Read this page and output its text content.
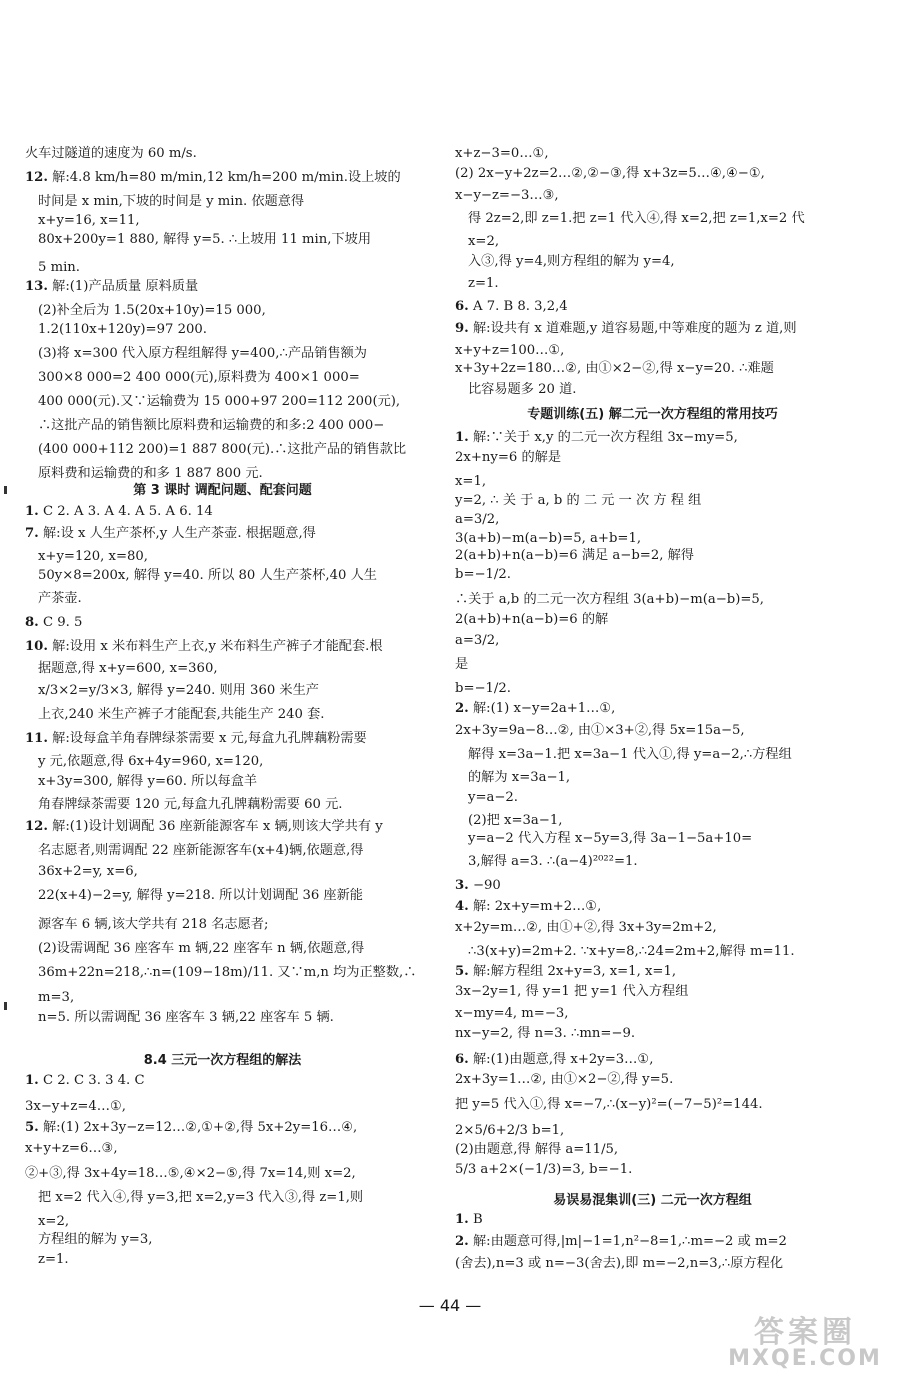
火车过隧道的速度为 60 m/s.
12. 解:4.8 km/h=80 m/min,12 km/h=200 m/min.设上坡的
时间是 x min,下坡的时间是 y min. 依题意得
x+y=16, x=11,
80x+200y=1 880, 解得 y=5. ∴上坡用 11 min,下坡用
5 min.
13. 解:(1)产品质量 原料质量
(2)补全后为 1.5(20x+10y)=15 000,
1.2(110x+120y)=97 200.
(3)将 x=300 代入原方程组解得 y=400,∴产品销售额为
300×8 000=2 400 000(元),原料费为 400×1 000=
400 000(元).又∵运输费为 15 000+97 200=112 200(元),
∴这批产品的销售额比原料费和运输费的和多:2 400 000−
(400 000+112 200)=1 887 800(元).∴这批产品的销售款比
原料费和运输费的和多 1 887 800 元.
第 3 课时 调配问题、配套问题
1. C 2. A 3. A 4. A 5. A 6. 14
7. 解:设 x 人生产茶杯,y 人生产茶壶. 根据题意,得
x+y=120, x=80,
50y×8=200x, 解得 y=40. 所以 80 人生产茶杯,40 人生
产茶壶.
8. C 9. 5
10. 解:设用 x 米布料生产上衣,y 米布料生产裤子才能配套.根
据题意,得 x+y=600, x=360,
x/3×2=y/3×3, 解得 y=240. 则用 360 米生产
上衣,240 米生产裤子才能配套,共能生产 240 套.
11. 解:设每盒羊角春牌绿茶需要 x 元,每盒九孔牌藕粉需要
y 元,依题意,得 6x+4y=960, x=120,
x+3y=300, 解得 y=60. 所以每盒羊
角春牌绿茶需要 120 元,每盒九孔牌藕粉需要 60 元.
12. 解:(1)设计划调配 36 座新能源客车 x 辆,则该大学共有 y
名志愿者,则需调配 22 座新能源客车(x+4)辆,依题意,得
36x+2=y, x=6,
22(x+4)−2=y, 解得 y=218. 所以计划调配 36 座新能
源客车 6 辆,该大学共有 218 名志愿者;
(2)设需调配 36 座客车 m 辆,22 座客车 n 辆,依题意,得
36m+22n=218,∴n=(109−18m)/11. 又∵m,n 均为正整数,∴
m=3,
n=5. 所以需调配 36 座客车 3 辆,22 座客车 5 辆.
8.4 三元一次方程组的解法
1. C 2. C 3. 3 4. C
3x−y+z=4…①,
5. 解:(1) 2x+3y−z=12…②,①+②,得 5x+2y=16…④,
x+y+z=6…③,
②+③,得 3x+4y=18…⑤,④×2−⑤,得 7x=14,则 x=2,
把 x=2 代入④,得 y=3,把 x=2,y=3 代入③,得 z=1,则
x=2,
方程组的解为 y=3,
z=1.
x+z−3=0…①,
(2) 2x−y+2z=2…②,②−③,得 x+3z=5…④,④−①,
x−y−z=−3…③,
得 2z=2,即 z=1.把 z=1 代入④,得 x=2,把 z=1,x=2 代
x=2,
入③,得 y=4,则方程组的解为 y=4,
z=1.
6. A 7. B 8. 3,2,4
9. 解:设共有 x 道难题,y 道容易题,中等难度的题为 z 道,则
x+y+z=100…①,
x+3y+2z=180…②, 由①×2−②,得 x−y=20. ∴难题
比容易题多 20 道.
专题训练(五) 解二元一次方程组的常用技巧
1. 解:∵关于 x,y 的二元一次方程组 3x−my=5,
2x+ny=6 的解是
x=1,
y=2, ∴ 关 于 a, b 的 二 元 一 次 方 程 组
a=3/2,
3(a+b)−m(a−b)=5, a+b=1,
2(a+b)+n(a−b)=6 满足 a−b=2, 解得
b=−1/2.
∴关于 a,b 的二元一次方程组 3(a+b)−m(a−b)=5,
2(a+b)+n(a−b)=6 的解
a=3/2,
是
b=−1/2.
2. 解:(1) x−y=2a+1…①,
2x+3y=9a−8…②, 由①×3+②,得 5x=15a−5,
解得 x=3a−1.把 x=3a−1 代入①,得 y=a−2,∴方程组
的解为 x=3a−1,
y=a−2.
(2)把 x=3a−1,
y=a−2 代入方程 x−5y=3,得 3a−1−5a+10=
3,解得 a=3. ∴(a−4)²⁰²²=1.
3. −90
4. 解: 2x+y=m+2…①,
x+2y=m…②, 由①+②,得 3x+3y=2m+2,
∴3(x+y)=2m+2. ∵x+y=8,∴24=2m+2,解得 m=11.
5. 解:解方程组 2x+y=3, x=1, x=1,
3x−2y=1, 得 y=1 把 y=1 代入方程组
x−my=4, m=−3,
nx−y=2, 得 n=3. ∴mn=−9.
6. 解:(1)由题意,得 x+2y=3…①,
2x+3y=1…②, 由①×2−②,得 y=5.
把 y=5 代入①,得 x=−7,∴(x−y)²=(−7−5)²=144.
2×5/6+2/3 b=1,
(2)由题意,得 解得 a=11/5,
5/3 a+2×(−1/3)=3, b=−1.
易误易混集训(三) 二元一次方程组
1. B
2. 解:由题意可得,|m|−1=1,n²−8=1,∴m=−2 或 m=2
(舍去),n=3 或 n=−3(舍去),即 m=−2,n=3,∴原方程化
— 44 —
答案圈
MXQE.COM
